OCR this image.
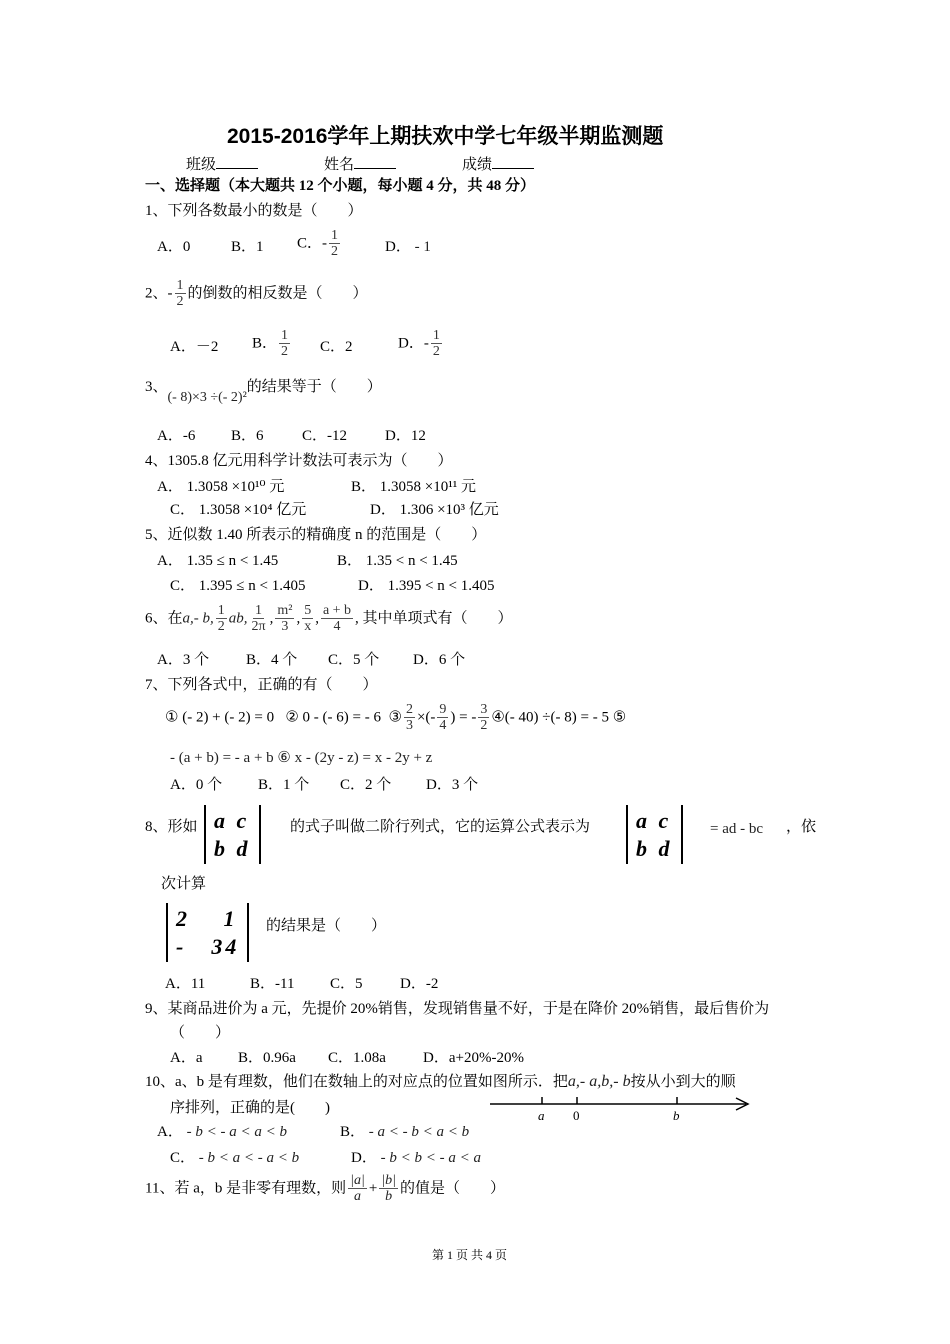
2015-2016学年上期扶欢中学七年级半期监测题
班级	姓名	成绩
一、选择题（本大题共 12 个小题，每小题 4 分，共 48 分）
1、下列各数最小的数是（　　）
A．0	B．1 C．- $\frac{1}{2}$	D． - 1
2、- $\frac{1}{2}$ 的倒数的相反数是（　　）
A．－2 B． $\frac{1}{2}$ C．2	D．- $\frac{1}{2}$
3、(- 8)×3 ÷(- 2)²的结果等于（　　）
A．-6 B．6	C．-12	D．12
4、1305.8 亿元用科学计数法可表示为（　　）
A． 1.3058 ×10¹⁰ 元	B． 1.3058 ×10¹¹ 元
C． 1.3058 ×10⁴ 亿元	D． 1.306 ×10³ 亿元
5、近似数 1.40 所表示的精确度 n 的范围是（　　）
A． 1.35 ≤ n < 1.45	B． 1.35 < n < 1.45
C． 1.395 ≤ n < 1.405	D． 1.395 < n < 1.405
6、在a,- b, $\frac{1}{2}$ ab, $\frac{1}{2\pi}$ , $\frac{\text{m²}}{3}$ , $\frac{5}{x}$ , $\frac{a + b}{4}$ , 其中单项式有（　　）
A．3 个 B．4 个 C．5 个 D．6 个
7、下列各式中，正确的有（　　）
① (- 2) + (- 2) = 0 ② 0 - (- 6) = - 6 ③ $\frac{2}{3}$ ×(- $\frac{9}{4}$ ) = - $\frac{3}{2}$ ④(- 40) ÷(- 8) = - 5 ⑤
- (a + b) = - a + b ⑥ x - (2y - z) = x - 2y + z
A．0 个 B．1 个 C．2 个 D．3 个
8、形如 a c
b d
的式子叫做二阶行列式，它的运算公式表示为 a c
b d
= ad - bc ，依
次计算
2　 1
-　34
的结果是（　　）
A．11	B．-11 C．5 D．-2
9、某商品进价为 a 元，先提价 20%销售，发现销售量不好，于是在降价 20%销售，最后售价为
（　　）
A．a B．0.96a C．1.08a D．a+20%-20%
10、a、b 是有理数，他们在数轴上的对应点的位置如图所示．把a,- a,b,- b按从小到大的顺
序排列，正确的是(　　)	a 0	b
A． - b < - a < a < b	B． - a < - b < a < b
C． - b < a < - a < b	D． - b < b < - a < a
11、若 a，b 是非零有理数，则 $\frac{|a|}{a} + \frac{|b|}{b}$ 的值是（　　）
第 1 页 共 4 页
